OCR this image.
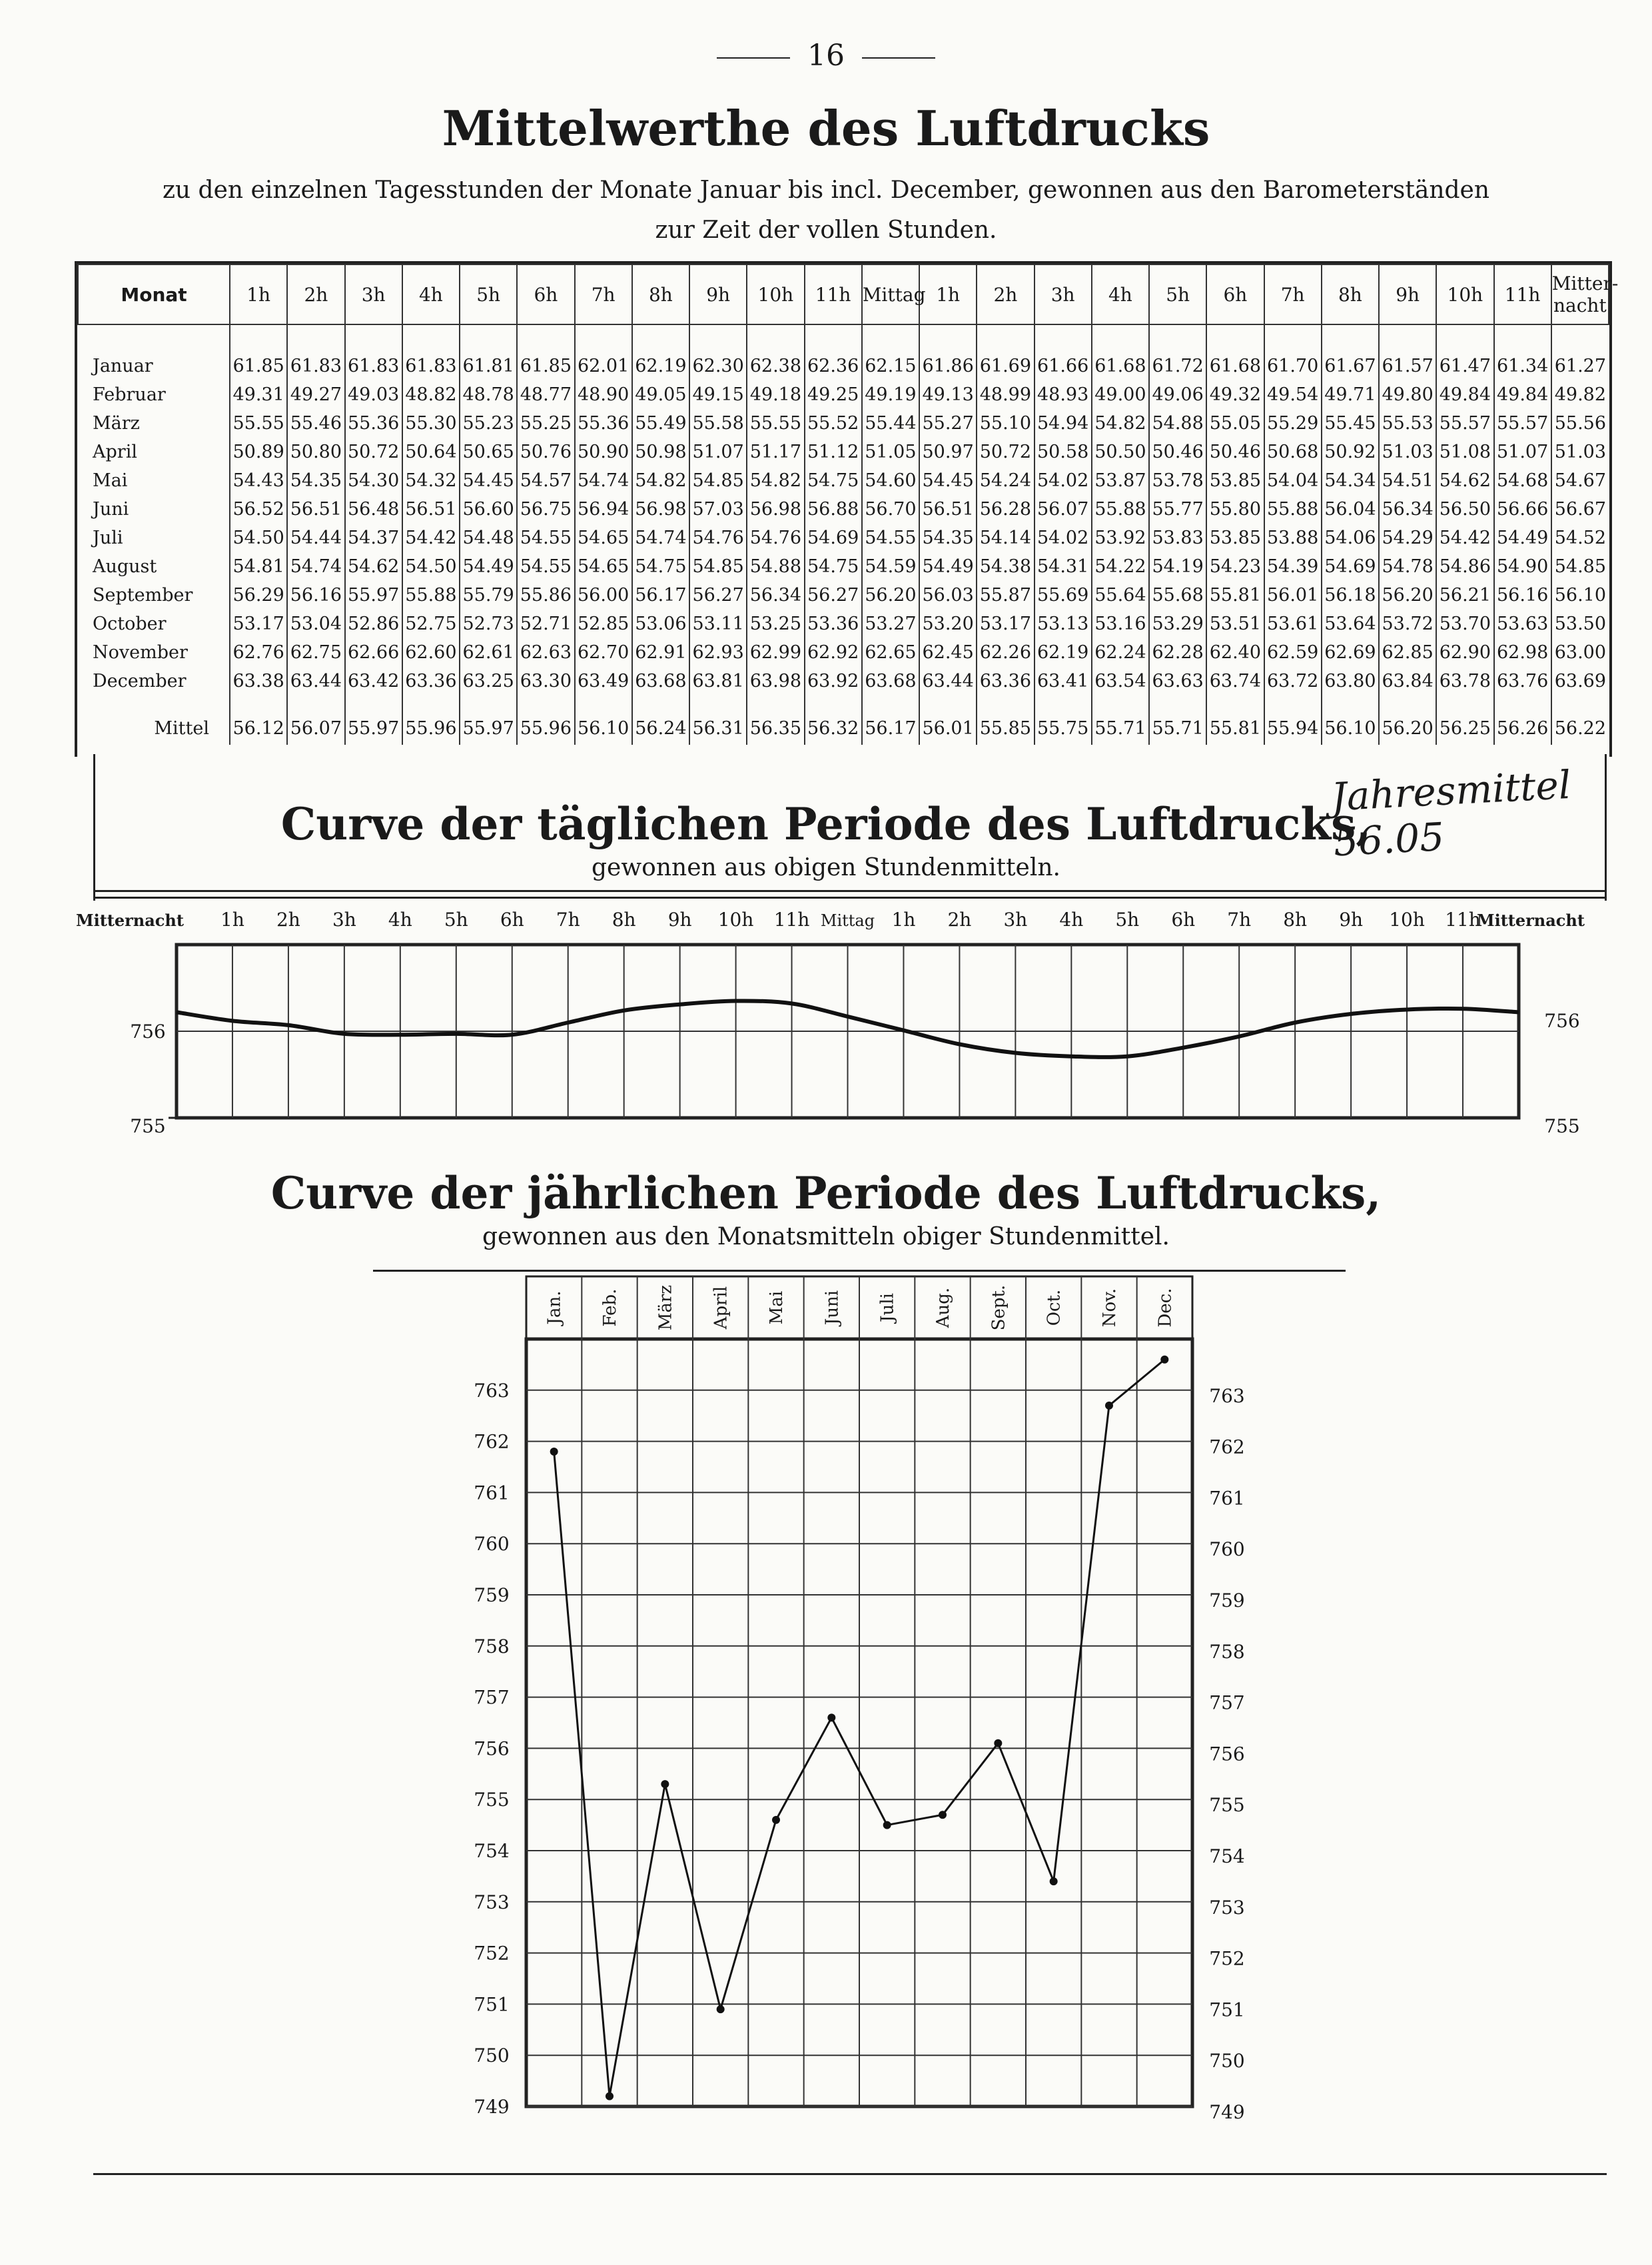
16
Mittelwerthe des Luftdrucks
zu den einzelnen Tagesstunden der Monate Januar bis incl. December, gewonnen aus den Barometerständen
zur Zeit der vollen Stunden.
Monat	1h	2h	3h	4h	5h	6h	7h	8h	9h	10h	11h	Mittag	1h	2h	3h	4h	5h	6h	7h	8h	9h	10h	11h	Mitter-nacht
Januar	61.85	61.83	61.83	61.83	61.81	61.85	62.01	62.19	62.30	62.38	62.36	62.15	61.86	61.69	61.66	61.68	61.72	61.68	61.70	61.67	61.57	61.47	61.34	61.27
Februar	49.31	49.27	49.03	48.82	48.78	48.77	48.90	49.05	49.15	49.18	49.25	49.19	49.13	48.99	48.93	49.00	49.06	49.32	49.54	49.71	49.80	49.84	49.84	49.82
März	55.55	55.46	55.36	55.30	55.23	55.25	55.36	55.49	55.58	55.55	55.52	55.44	55.27	55.10	54.94	54.82	54.88	55.05	55.29	55.45	55.53	55.57	55.57	55.56
April	50.89	50.80	50.72	50.64	50.65	50.76	50.90	50.98	51.07	51.17	51.12	51.05	50.97	50.72	50.58	50.50	50.46	50.46	50.68	50.92	51.03	51.08	51.07	51.03
Mai	54.43	54.35	54.30	54.32	54.45	54.57	54.74	54.82	54.85	54.82	54.75	54.60	54.45	54.24	54.02	53.87	53.78	53.85	54.04	54.34	54.51	54.62	54.68	54.67
Juni	56.52	56.51	56.48	56.51	56.60	56.75	56.94	56.98	57.03	56.98	56.88	56.70	56.51	56.28	56.07	55.88	55.77	55.80	55.88	56.04	56.34	56.50	56.66	56.67
Juli	54.50	54.44	54.37	54.42	54.48	54.55	54.65	54.74	54.76	54.76	54.69	54.55	54.35	54.14	54.02	53.92	53.83	53.85	53.88	54.06	54.29	54.42	54.49	54.52
August	54.81	54.74	54.62	54.50	54.49	54.55	54.65	54.75	54.85	54.88	54.75	54.59	54.49	54.38	54.31	54.22	54.19	54.23	54.39	54.69	54.78	54.86	54.90	54.85
September	56.29	56.16	55.97	55.88	55.79	55.86	56.00	56.17	56.27	56.34	56.27	56.20	56.03	55.87	55.69	55.64	55.68	55.81	56.01	56.18	56.20	56.21	56.16	56.10
October	53.17	53.04	52.86	52.75	52.73	52.71	52.85	53.06	53.11	53.25	53.36	53.27	53.20	53.17	53.13	53.16	53.29	53.51	53.61	53.64	53.72	53.70	53.63	53.50
November	62.76	62.75	62.66	62.60	62.61	62.63	62.70	62.91	62.93	62.99	62.92	62.65	62.45	62.26	62.19	62.24	62.28	62.40	62.59	62.69	62.85	62.90	62.98	63.00
December	63.38	63.44	63.42	63.36	63.25	63.30	63.49	63.68	63.81	63.98	63.92	63.68	63.44	63.36	63.41	63.54	63.63	63.74	63.72	63.80	63.84	63.78	63.76	63.69
Mittel	56.12	56.07	55.97	55.96	55.97	55.96	56.10	56.24	56.31	56.35	56.32	56.17	56.01	55.85	55.75	55.71	55.71	55.81	55.94	56.10	56.20	56.25	56.26	56.22
Jahresmittel 56.05
Curve der täglichen Periode des Luftdrucks,
gewonnen aus obigen Stundenmitteln.
Mitternacht 1h 2h 3h 4h 5h 6h 7h 8h 9h 10h 11h Mittag 1h 2h 3h 4h 5h 6h 7h 8h 9h 10h 11h
Mitternacht
756
755
756
755
Curve der jährlichen Periode des Luftdrucks,
gewonnen aus den Monatsmitteln obiger Stundenmittel.
Jan. Feb. März April Mai Juni Juli Aug. Sept. Oct. Nov. Dec.
763	763
762	762
761	761
760	760
759	759
758	758
757	757
756	756
755	755
754	754
753	753
752	752
751	751
750	750
749	749
